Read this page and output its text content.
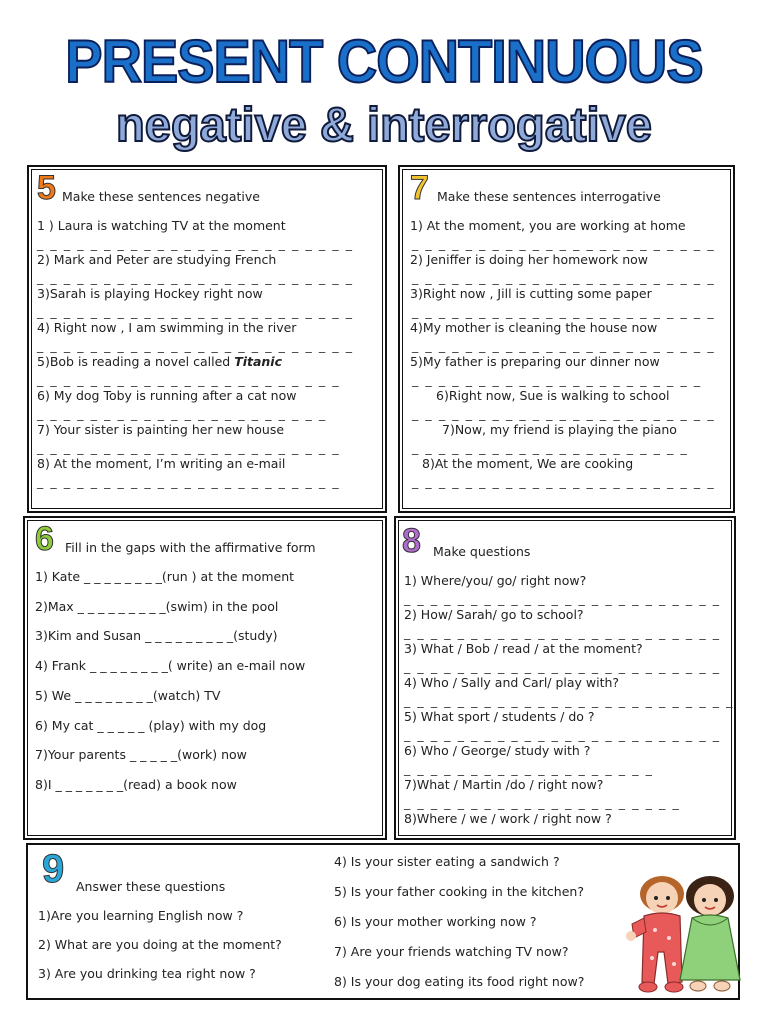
PRESENT CONTINUOUS
negative & interrogative
5 Make these sentences negative
1 ) Laura is watching TV at the moment
_ _ _ _ _ _ _ _ _ _ _ _ _ _ _ _ _ _ _ _ _ _ _ _
2) Mark and Peter are studying French
_ _ _ _ _ _ _ _ _ _ _ _ _ _ _ _ _ _ _ _ _ _ _ _
3)Sarah is playing Hockey right now
_ _ _ _ _ _ _ _ _ _ _ _ _ _ _ _ _ _ _ _ _ _ _ _
4) Right now , I am swimming in the river
_ _ _ _ _ _ _ _ _ _ _ _ _ _ _ _ _ _ _ _ _ _ _ _
5)Bob is reading a novel called Titanic
_ _ _ _ _ _ _ _ _ _ _ _ _ _ _ _ _ _ _ _ _ _ _
6) My dog Toby is running after a cat now
_ _ _ _ _ _ _ _ _ _ _ _ _ _ _ _ _ _ _ _ _ _
7) Your sister is painting her new house
_ _ _ _ _ _ _ _ _ _ _ _ _ _ _ _ _ _ _ _ _ _ _
8) At the moment, I’m writing an e-mail
_ _ _ _ _ _ _ _ _ _ _ _ _ _ _ _ _ _ _ _ _ _ _
7 Make these sentences interrogative
1) At the moment, you are working at home
_ _ _ _ _ _ _ _ _ _ _ _ _ _ _ _ _ _ _ _ _ _ _
2) Jeniffer is doing her homework now
_ _ _ _ _ _ _ _ _ _ _ _ _ _ _ _ _ _ _ _ _ _ _
3)Right now , Jill is cutting some paper
_ _ _ _ _ _ _ _ _ _ _ _ _ _ _ _ _ _ _ _ _ _ _
4)My mother is cleaning the house now
_ _ _ _ _ _ _ _ _ _ _ _ _ _ _ _ _ _ _ _ _ _ _
5)My father is preparing our dinner now
_ _ _ _ _ _ _ _ _ _ _ _ _ _ _ _ _ _ _ _ _ _
6)Right now, Sue is walking to school
_ _ _ _ _ _ _ _ _ _ _ _ _ _ _ _ _ _ _ _ _ _ _
7)Now, my friend is playing the piano
_ _ _ _ _ _ _ _ _ _ _ _ _ _ _ _ _ _ _ _ _
8)At the moment, We are cooking
_ _ _ _ _ _ _ _ _ _ _ _ _ _ _ _ _ _ _ _ _ _ _
6 Fill in the gaps with the affirmative form
1) Kate _ _ _ _ _ _ _ _(run ) at the moment
2)Max _ _ _ _ _ _ _ _ _(swim) in the pool
3)Kim and Susan _ _ _ _ _ _ _ _ _(study)
4) Frank _ _ _ _ _ _ _ _( write) an e-mail now
5) We _ _ _ _ _ _ _ _(watch) TV
6) My cat _ _ _ _ _ (play) with my dog
7)Your parents _ _ _ _ _(work) now
8)I _ _ _ _ _ _ _(read) a book now
8 Make questions
1) Where/you/ go/ right now?
_ _ _ _ _ _ _ _ _ _ _ _ _ _ _ _ _ _ _ _ _ _ _ _
2) How/ Sarah/ go to school?
_ _ _ _ _ _ _ _ _ _ _ _ _ _ _ _ _ _ _ _ _ _ _ _
3) What / Bob / read / at the moment?
_ _ _ _ _ _ _ _ _ _ _ _ _ _ _ _ _ _ _ _ _ _ _ _
4) Who / Sally and Carl/ play with?
_ _ _ _ _ _ _ _ _ _ _ _ _ _ _ _ _ _ _ _ _ _ _ _ _
5) What sport / students / do ?
_ _ _ _ _ _ _ _ _ _ _ _ _ _ _ _ _ _ _ _ _ _ _ _
6) Who / George/ study with ?
_ _ _ _ _ _ _ _ _ _ _ _ _ _ _ _ _ _ _
7)What / Martin /do / right now?
_ _ _ _ _ _ _ _ _ _ _ _ _ _ _ _ _ _ _ _ _
8)Where / we / work / right now ?
9 Answer these questions
1)Are you learning English now ?
2) What are you doing at the moment?
3) Are you drinking tea right now ?
4) Is your sister eating a sandwich ?
5) Is your father cooking in the kitchen?
6) Is your mother working now ?
7) Are your friends watching TV now?
8) Is your dog eating its food right now?
